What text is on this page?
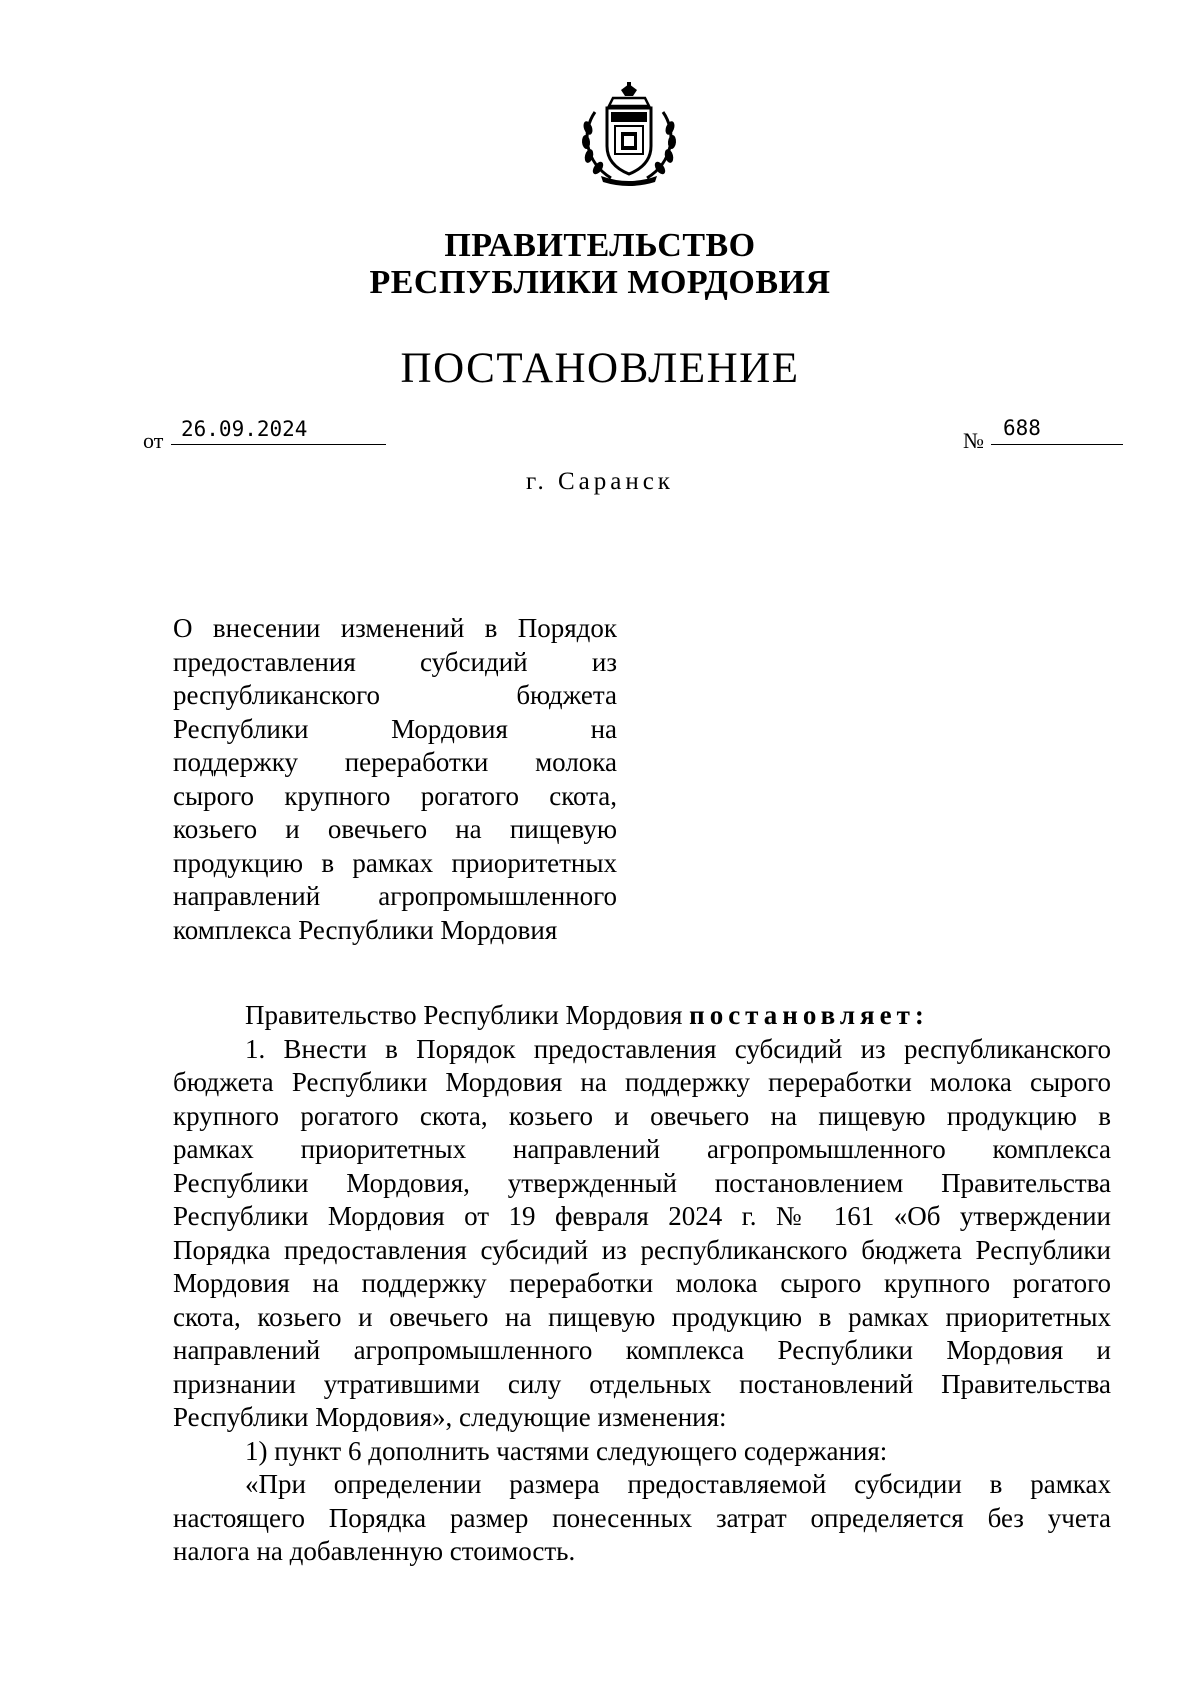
ПРАВИТЕЛЬСТВО
РЕСПУБЛИКИ МОРДОВИЯ
ПОСТАНОВЛЕНИЕ
от 26.09.2024	№ 688
г. Саранск
О внесении изменений в Порядок
предоставления субсидий из
республиканского бюджета
Республики Мордовия на
поддержку переработки молока
сырого крупного рогатого скота,
козьего и овечьего на пищевую
продукцию в рамках приоритетных
направлений агропромышленного
комплекса Республики Мордовия
Правительство Республики Мордовия постановляет:
1. Внести в Порядок предоставления субсидий из республиканского
бюджета Республики Мордовия на поддержку переработки молока сырого
крупного рогатого скота, козьего и овечьего на пищевую продукцию в
рамках приоритетных направлений агропромышленного комплекса
Республики Мордовия, утвержденный постановлением Правительства
Республики Мордовия от 19 февраля 2024 г. № 161 «Об утверждении
Порядка предоставления субсидий из республиканского бюджета Республики
Мордовия на поддержку переработки молока сырого крупного рогатого
скота, козьего и овечьего на пищевую продукцию в рамках приоритетных
направлений агропромышленного комплекса Республики Мордовия и
признании утратившими силу отдельных постановлений Правительства
Республики Мордовия», следующие изменения:
1) пункт 6 дополнить частями следующего содержания:
«При определении размера предоставляемой субсидии в рамках
настоящего Порядка размер понесенных затрат определяется без учета
налога на добавленную стоимость.
